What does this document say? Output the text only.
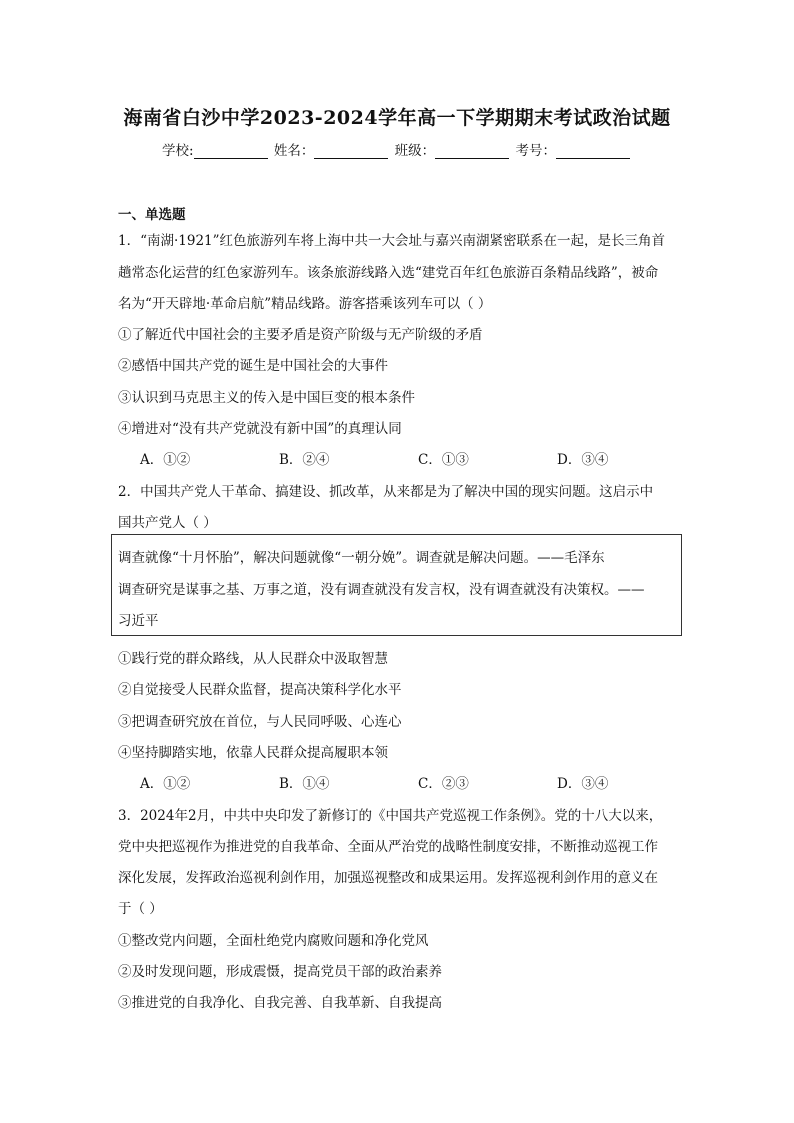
海南省白沙中学2023-2024学年高一下学期期末考试政治试题
学校:	姓名：	班级：	考号：
一、单选题
1．“南湖·1921”红色旅游列车将上海中共一大会址与嘉兴南湖紧密联系在一起，是长三角首
趟常态化运营的红色家游列车。该条旅游线路入选“建党百年红色旅游百条精品线路”，被命
名为“开天辟地·革命启航”精品线路。游客搭乘该列车可以（ ）
①了解近代中国社会的主要矛盾是资产阶级与无产阶级的矛盾
②感悟中国共产党的诞生是中国社会的大事件
③认识到马克思主义的传入是中国巨变的根本条件
④增进对“没有共产党就没有新中国”的真理认同
A．①②	B．②④	C．①③	D．③④
2．中国共产党人干革命、搞建设、抓改革，从来都是为了解决中国的现实问题。这启示中
国共产党人（ ）
调查就像“十月怀胎”，解决问题就像“一朝分娩”。调查就是解决问题。——毛泽东
调查研究是谋事之基、万事之道，没有调查就没有发言权，没有调查就没有决策权。——
习近平
①践行党的群众路线，从人民群众中汲取智慧
②自觉接受人民群众监督，提高决策科学化水平
③把调查研究放在首位，与人民同呼吸、心连心
④坚持脚踏实地，依靠人民群众提高履职本领
A．①②	B．①④	C．②③	D．③④
3．2024年2月，中共中央印发了新修订的《中国共产党巡视工作条例》。党的十八大以来，
党中央把巡视作为推进党的自我革命、全面从严治党的战略性制度安排，不断推动巡视工作
深化发展，发挥政治巡视利剑作用，加强巡视整改和成果运用。发挥巡视利剑作用的意义在
于（ ）
①整改党内问题，全面杜绝党内腐败问题和净化党风
②及时发现问题，形成震慑，提高党员干部的政治素养
③推进党的自我净化、自我完善、自我革新、自我提高
